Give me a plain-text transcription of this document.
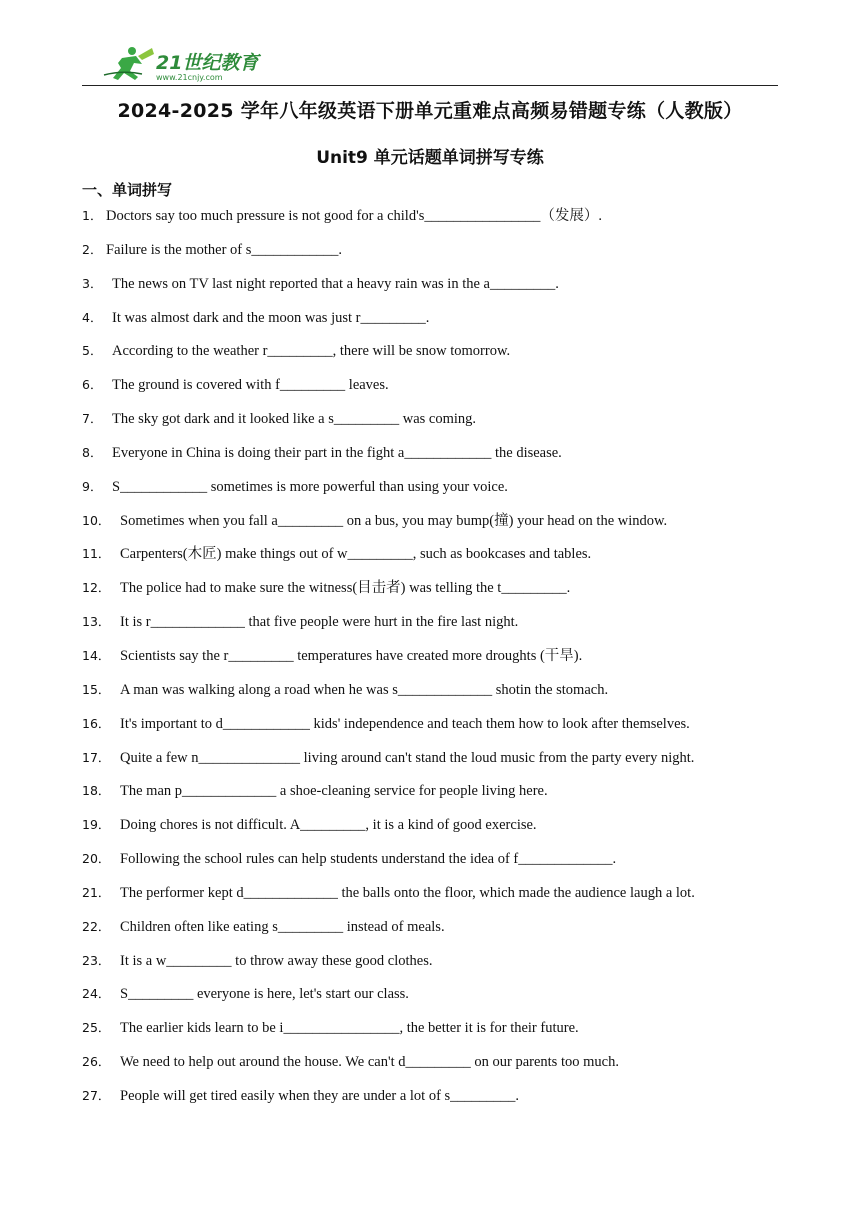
21世纪教育
www.21cnjy.com
2024-2025 学年八年级英语下册单元重难点高频易错题专练（人教版）
Unit9 单元话题单词拼写专练
一、单词拼写
1． Doctors say too much pressure is not good for a child's________________（发展）.
2． Failure is the mother of s____________.
3． The news on TV last night reported that a heavy rain was in the a_________.
4． It was almost dark and the moon was just r_________.
5． According to the weather r_________, there will be snow tomorrow.
6． The ground is covered with f_________ leaves.
7． The sky got dark and it looked like a s_________ was coming.
8． Everyone in China is doing their part in the fight a____________ the disease.
9． S____________ sometimes is more powerful than using your voice.
10． Sometimes when you fall a_________ on a bus, you may bump(撞) your head on the window.
11． Carpenters(木匠) make things out of w_________, such as bookcases and tables.
12． The police had to make sure the witness(目击者) was telling the t_________.
13． It is r_____________ that five people were hurt in the fire last night.
14． Scientists say the r_________ temperatures have created more droughts (干旱).
15． A man was walking along a road when he was s_____________ shotin the stomach.
16． It's important to d____________ kids' independence and teach them how to look after themselves.
17． Quite a few n______________ living around can't stand the loud music from the party every night.
18． The man p_____________ a shoe-cleaning service for people living here.
19． Doing chores is not difficult. A_________, it is a kind of good exercise.
20． Following the school rules can help students understand the idea of f_____________.
21． The performer kept d_____________ the balls onto the floor, which made the audience laugh a lot.
22． Children often like eating s_________ instead of meals.
23． It is a w_________ to throw away these good clothes.
24． S_________ everyone is here, let's start our class.
25． The earlier kids learn to be i________________, the better it is for their future.
26． We need to help out around the house. We can't d_________ on our parents too much.
27． People will get tired easily when they are under a lot of s_________.
